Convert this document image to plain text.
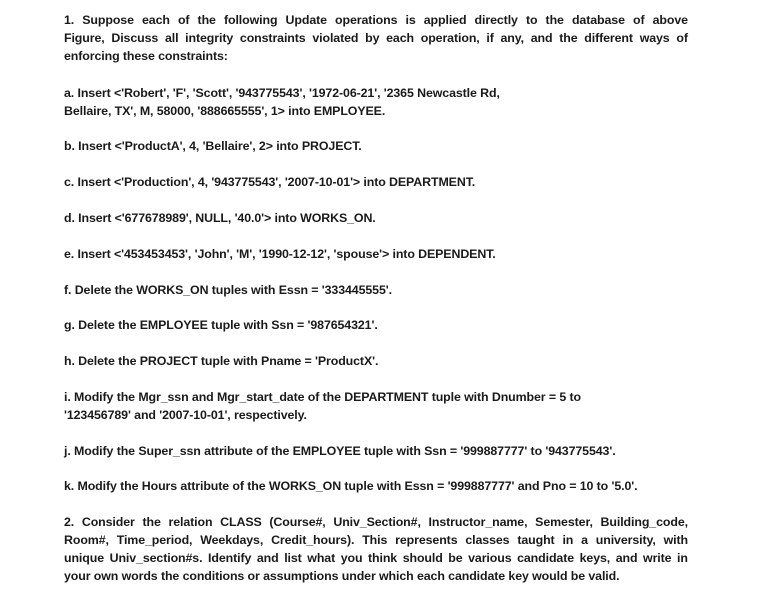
1. Suppose each of the following Update operations is applied directly to the database of above
Figure, Discuss all integrity constraints violated by each operation, if any, and the different ways of
enforcing these constraints:
a. Insert <'Robert', 'F', 'Scott', '943775543', '1972-06-21', '2365 Newcastle Rd,
Bellaire, TX', M, 58000, '888665555', 1> into EMPLOYEE.
b. Insert <'ProductA', 4, 'Bellaire', 2> into PROJECT.
c. Insert <'Production', 4, '943775543', '2007-10-01'> into DEPARTMENT.
d. Insert <'677678989', NULL, '40.0'> into WORKS_ON.
e. Insert <'453453453', 'John', 'M', '1990-12-12', 'spouse'> into DEPENDENT.
f. Delete the WORKS_ON tuples with Essn = '333445555'.
g. Delete the EMPLOYEE tuple with Ssn = '987654321'.
h. Delete the PROJECT tuple with Pname = 'ProductX'.
i. Modify the Mgr_ssn and Mgr_start_date of the DEPARTMENT tuple with Dnumber = 5 to
'123456789' and '2007-10-01', respectively.
j. Modify the Super_ssn attribute of the EMPLOYEE tuple with Ssn = '999887777' to '943775543'.
k. Modify the Hours attribute of the WORKS_ON tuple with Essn = '999887777' and Pno = 10 to '5.0'.
2. Consider the relation CLASS (Course#, Univ_Section#, Instructor_name, Semester, Building_code,
Room#, Time_period, Weekdays, Credit_hours). This represents classes taught in a university, with
unique Univ_section#s. Identify and list what you think should be various candidate keys, and write in
your own words the conditions or assumptions under which each candidate key would be valid.
